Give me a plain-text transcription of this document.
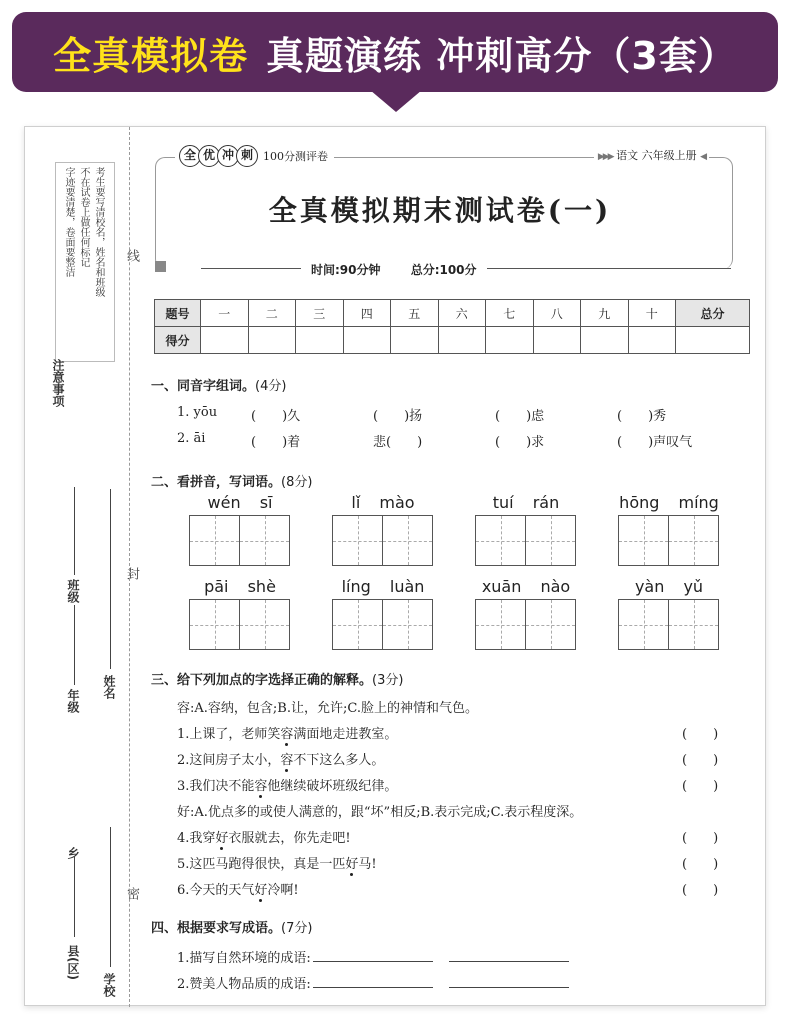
全真模拟卷 真题演练 冲刺高分（3套）
考生要写清校名，姓名和班级
不在试卷上做任何标记
字迹要清楚，卷面要整洁
注意事项
线
封
密
班级
年级
姓名
乡
县(区)
学校
全 优 冲 刺 100分测评卷	▶▶▶ 语文 六年级上册 ◀
全真模拟期末测试卷(一)
时间:90分钟	总分:100分
题号	一	二	三	四	五	六	七	八	九	十	总分
得分											
一、同音字组词。(4分)
1. yōu	(　　)久	(　　)扬	(　　)虑	(　　)秀
2. āi	(　　)着	悲(　　)	(　　)求	(　　)声叹气
二、看拼音，写词语。(8分)
wén sī	lǐ mào	tuí rán	hōng míng
pāi shè	líng luàn	xuān nào	yàn yǔ
三、给下列加点的字选择正确的解释。(3分)
容:A.容纳，包含;B.让，允许;C.脸上的神情和气色。
1.上课了，老师笑容满面地走进教室。	(　　)
2.这间房子太小，容不下这么多人。	(　　)
3.我们决不能容他继续破坏班级纪律。	(　　)
好:A.优点多的或使人满意的，跟“坏”相反;B.表示完成;C.表示程度深。
4.我穿好衣服就去，你先走吧!	(　　)
5.这匹马跑得很快，真是一匹好马!	(　　)
6.今天的天气好冷啊!	(　　)
四、根据要求写成语。(7分)
1.描写自然环境的成语:
2.赞美人物品质的成语:
